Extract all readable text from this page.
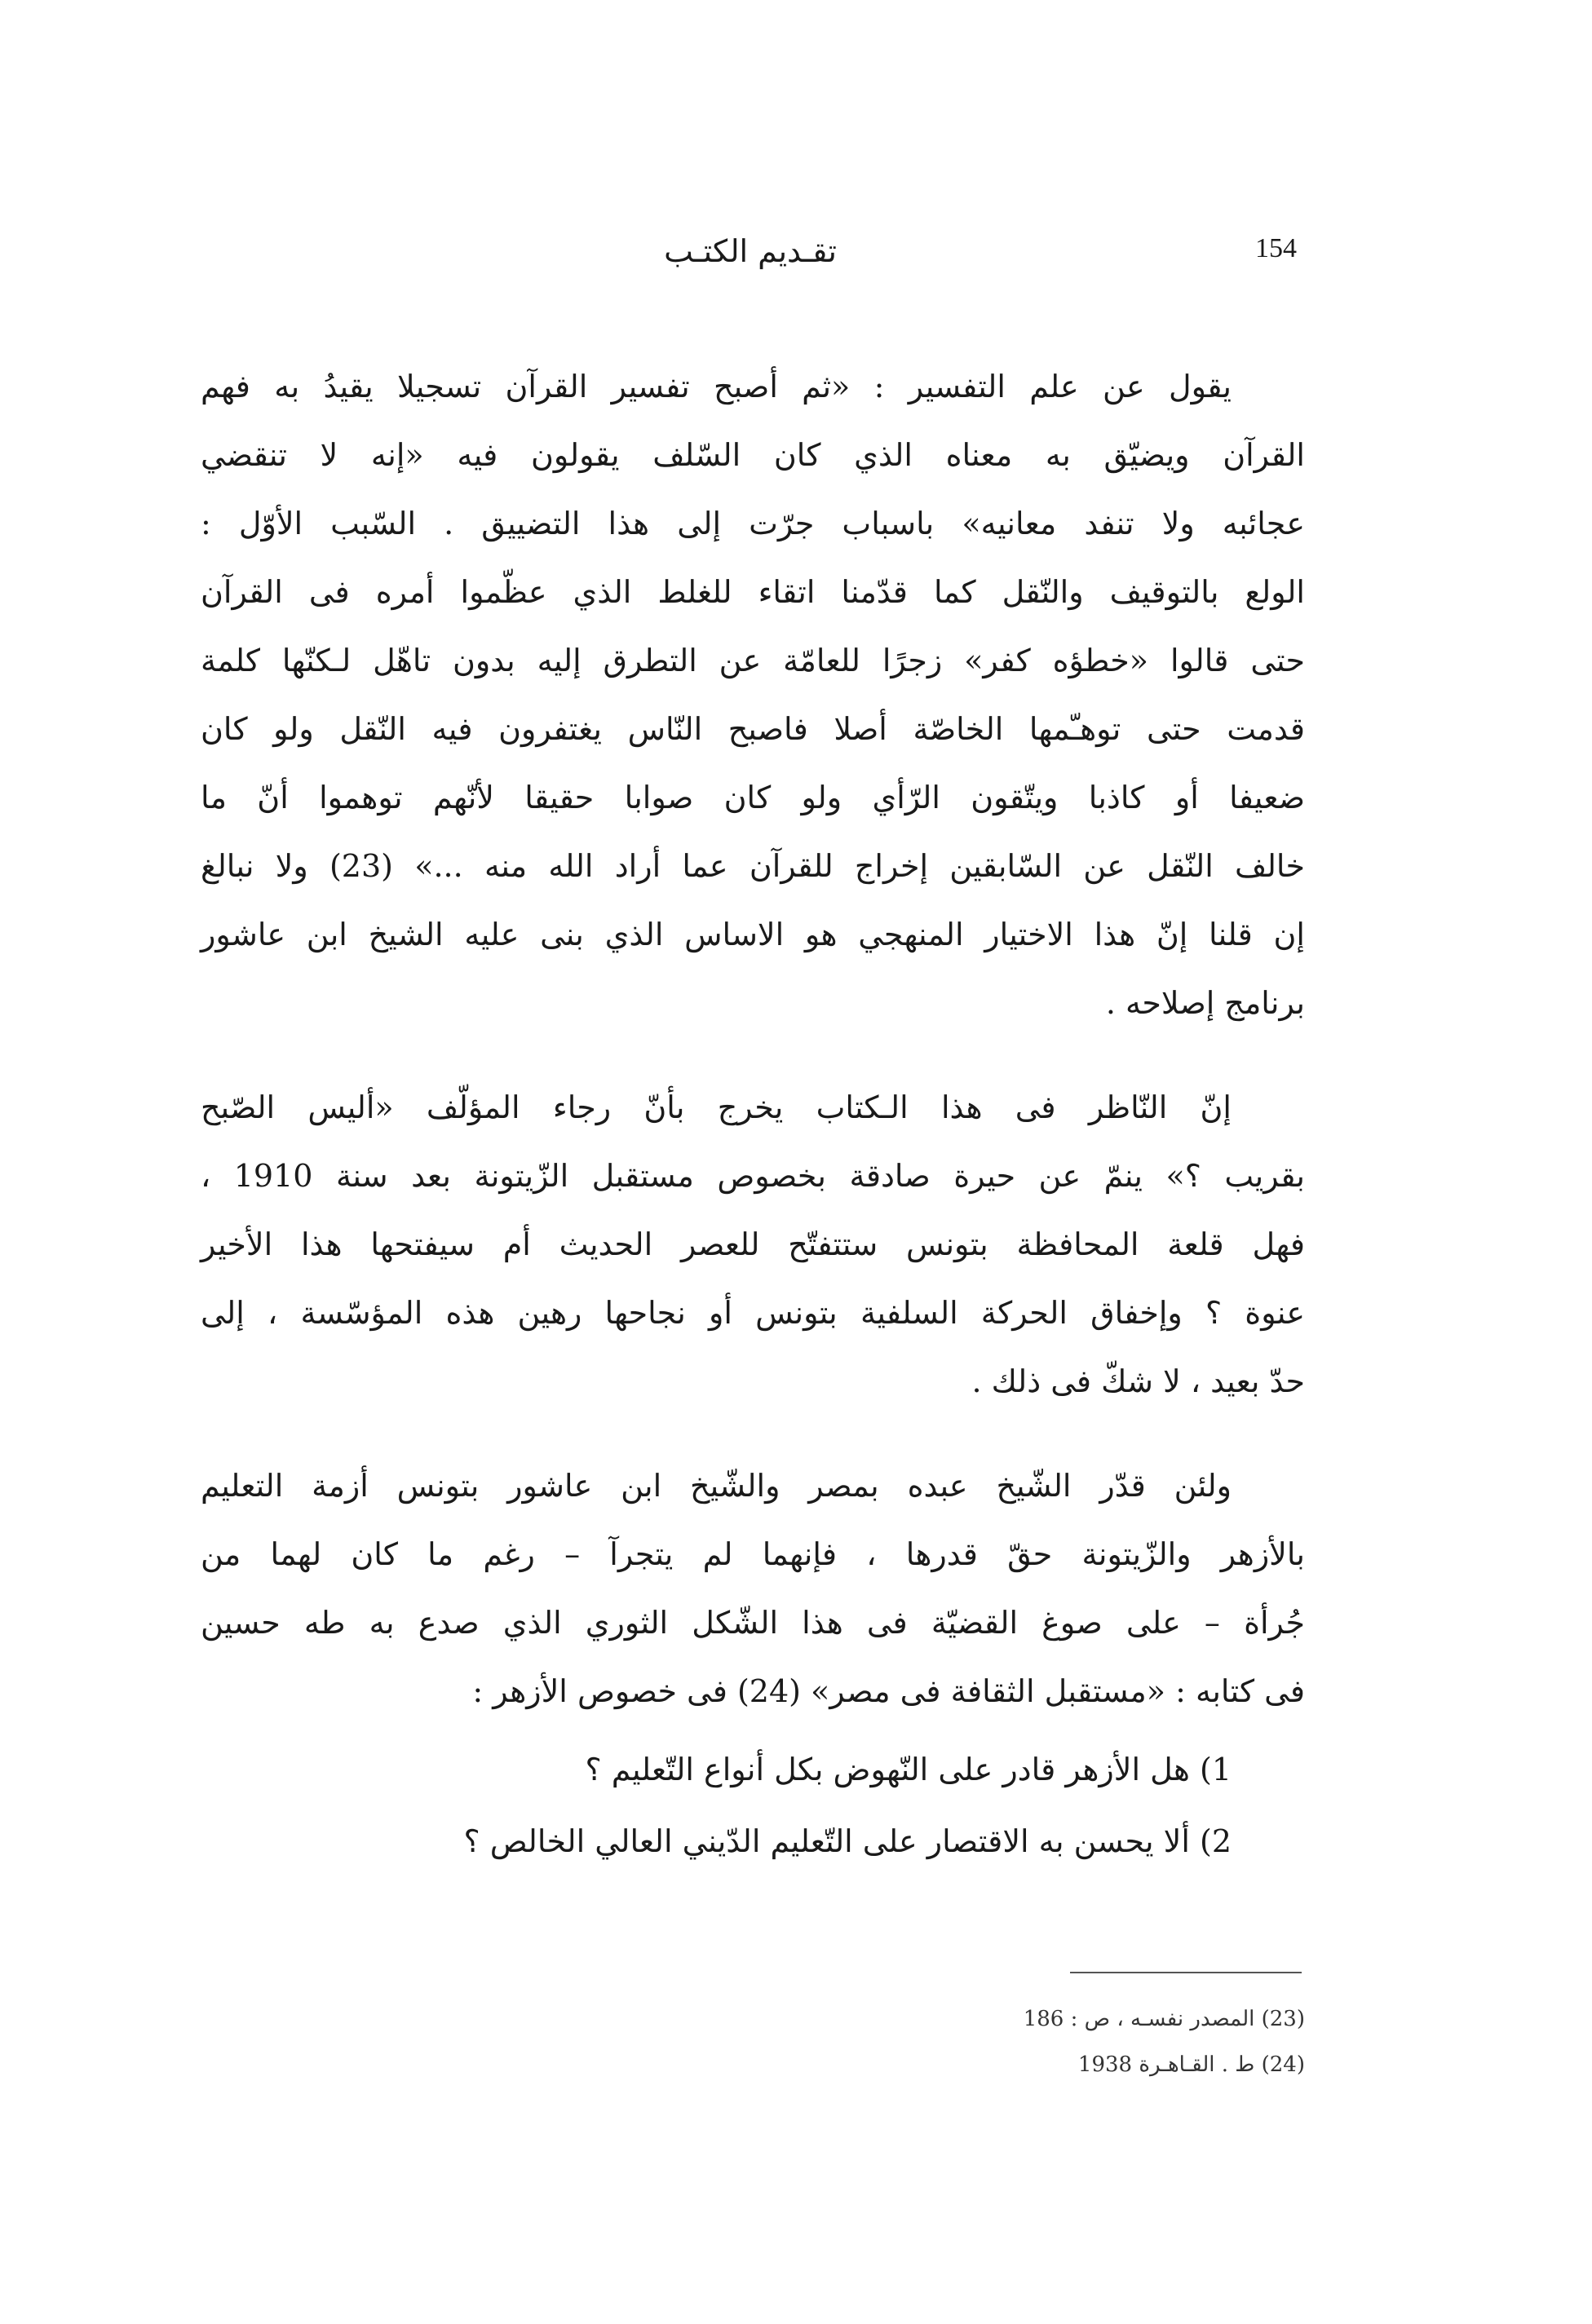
تقـديم الكتـب	154

يقول عن علم التفسير : «ثم أصبح تفسير القرآن تسجيلا يقيدُ به فهم
القرآن ويضيّق به معناه الذي كان السّلف يقولون فيه «إنه لا تنقضي
عجائبه ولا تنفد معانيه» باسباب جرّت إلى هذا التضييق . السّبب الأوّل :
الولع بالتوقيف والنّقل كما قدّمنا اتقاء للغلط الذي عظّموا أمره فى القرآن
حتى قالوا «خطؤه كفر» زجرًا للعامّة عن التطرق إليه بدون تاهّل لـكنّها كلمة
قدمت حتى توهـّمها الخاصّة أصلا فاصبح النّاس يغتفرون فيه النّقل ولو كان
ضعيفا أو كاذبا ويتّقون الرّأي ولو كان صوابا حقيقا لأنّهم توهموا أنّ ما
خالف النّقل عن السّابقين إخراج للقرآن عما أراد الله منه ...» (23) ولا نبالغ
إن قلنا إنّ هذا الاختيار المنهجي هو الاساس الذي بنى عليه الشيخ ابن عاشور
برنامج إصلاحه .

إنّ النّاظر فى هذا الـكتاب يخرج بأنّ رجاء المؤلّف «أليس الصّبح
بقريب ؟» ينمّ عن حيرة صادقة بخصوص مستقبل الزّيتونة بعد سنة 1910 ،
فهل قلعة المحافظة بتونس ستتفتّح للعصر الحديث أم سيفتحها هذا الأخير
عنوة ؟ وإخفاق الحركة السلفية بتونس أو نجاحها رهين هذه المؤسّسة ، إلى
حدّ بعيد ، لا شكّ فى ذلك .

ولئن قدّر الشّيخ عبده بمصر والشّيخ ابن عاشور بتونس أزمة التعليم
بالأزهر والزّيتونة حقّ قدرها ، فإنهما لم يتجرآ – رغم ما كان لهما من
جُرأة – على صوغ القضيّة فى هذا الشّكل الثوري الذي صدع به طه حسين
فى كتابه : «مستقبل الثقافة فى مصر» (24) فى خصوص الأزهر :

1) هل الأزهر قادر على النّهوض بكل أنواع التّعليم ؟
2) ألا يحسن به الاقتصار على التّعليم الدّيني العالي الخالص ؟
(23) المصدر نفسـه ، ص : 186
(24) ط . القـاهـرة 1938
